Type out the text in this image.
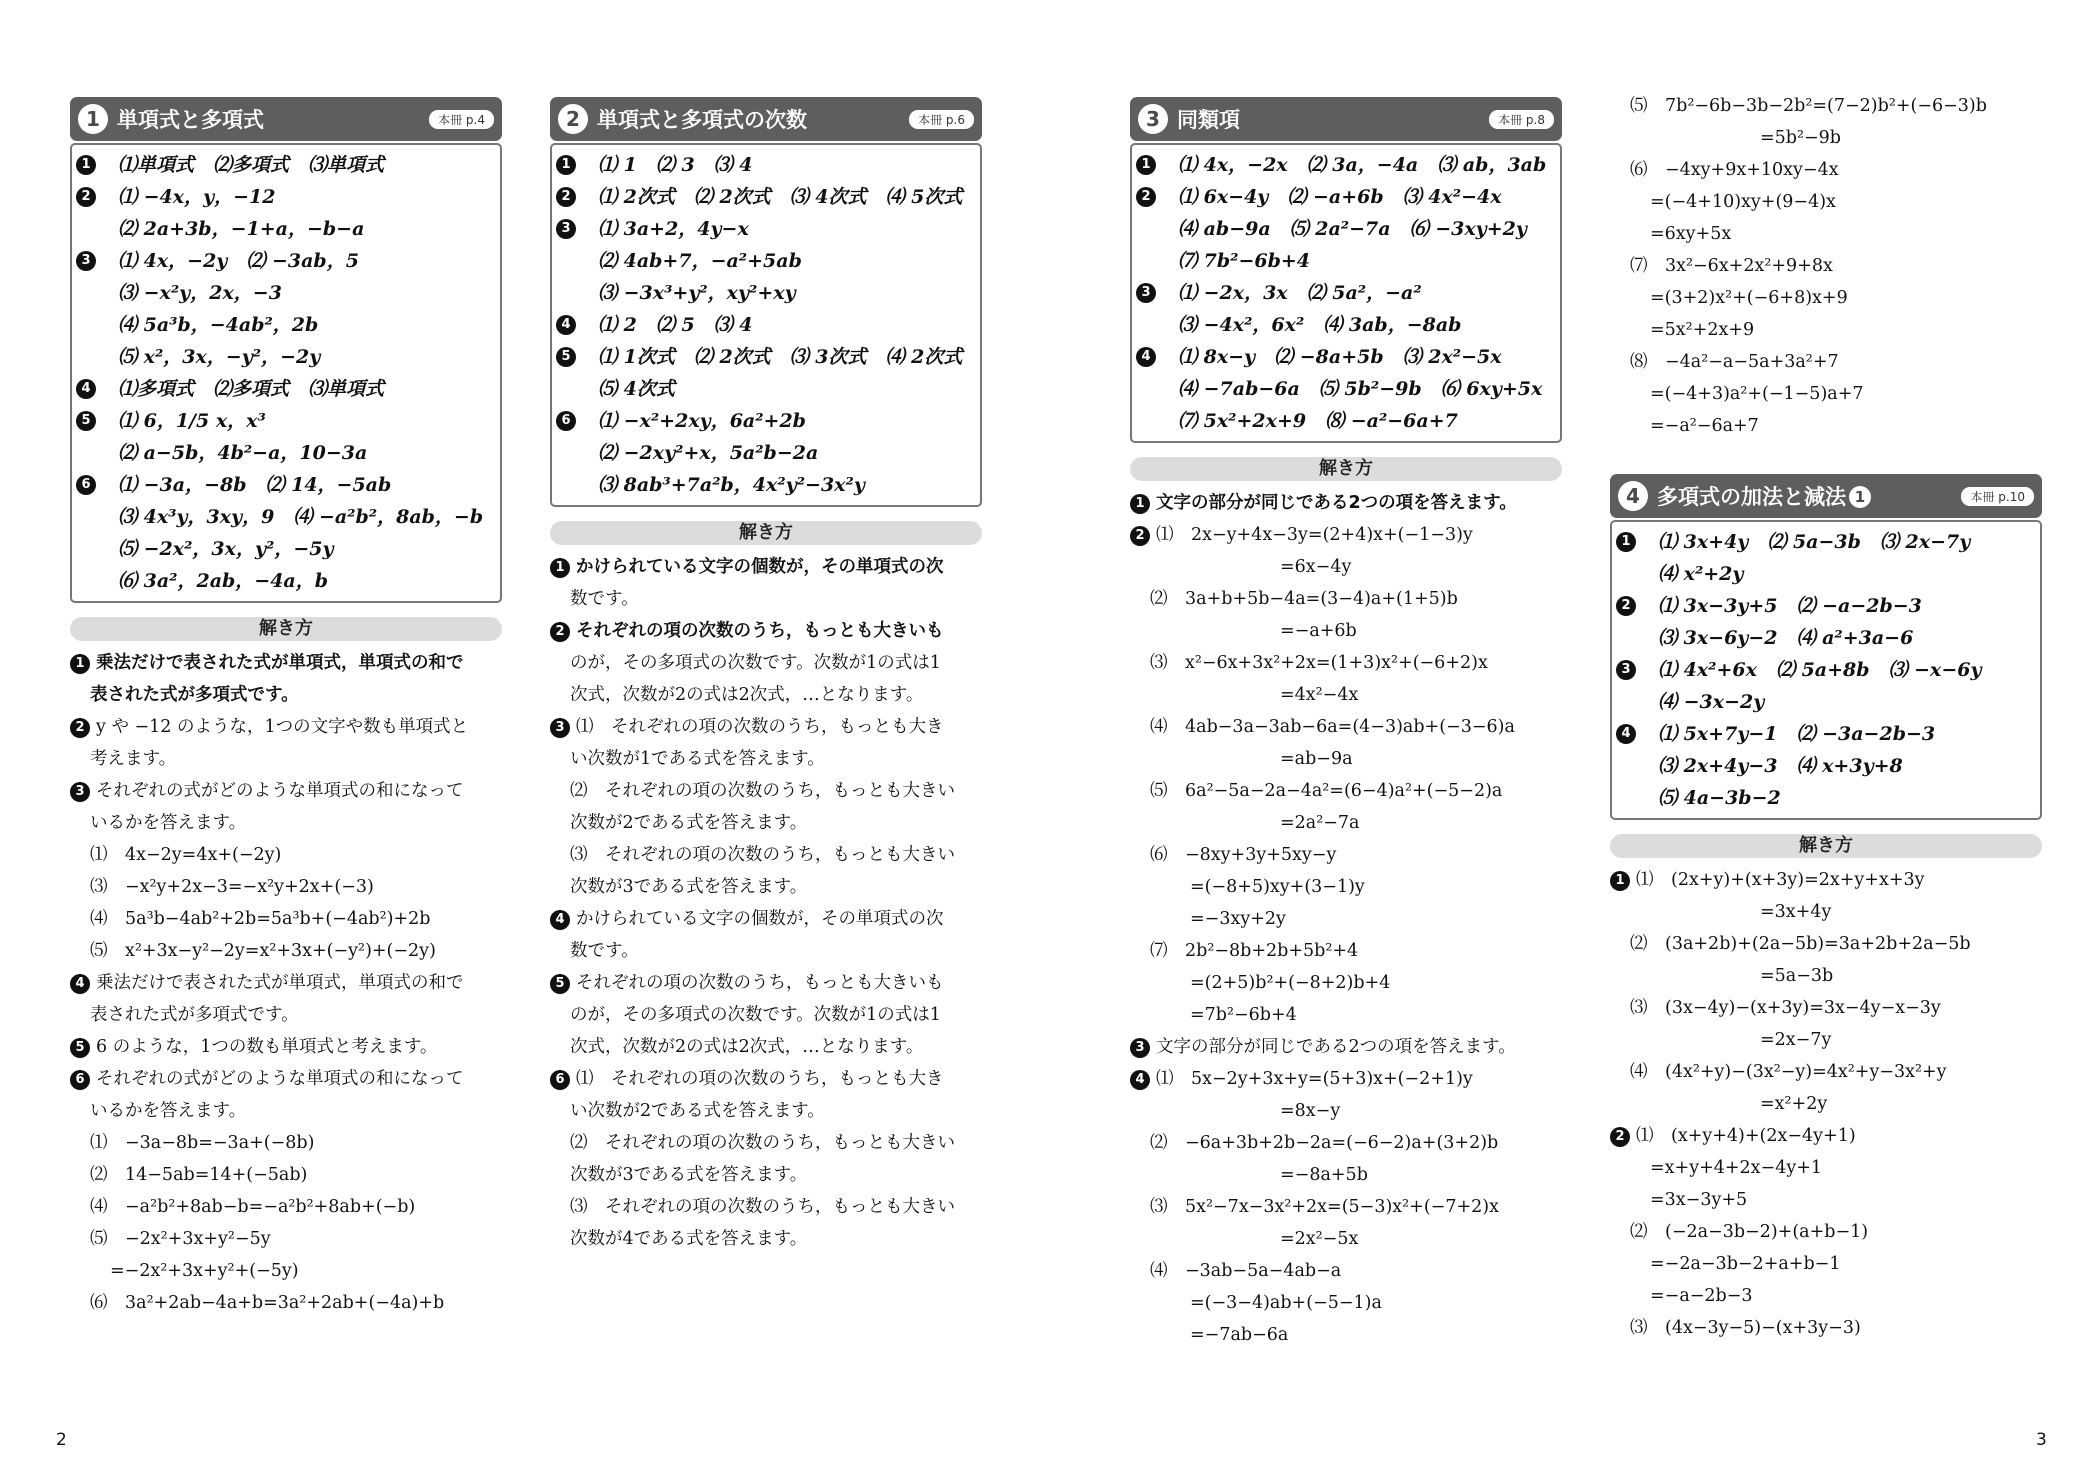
1 単項式と多項式	本冊 p.4
1 ⑴単項式　⑵多項式　⑶単項式
2 ⑴ −4x，y，−12
⑵ 2a+3b，−1+a，−b−a
3 ⑴ 4x，−2y　⑵ −3ab，5
⑶ −x²y，2x，−3
⑷ 5a³b，−4ab²，2b
⑸ x²，3x，−y²，−2y
4 ⑴多項式　⑵多項式　⑶単項式
5 ⑴ 6，1/5 x，x³
⑵ a−5b，4b²−a，10−3a
6 ⑴ −3a，−8b　⑵ 14，−5ab
⑶ 4x³y，3xy，9　⑷ −a²b²，8ab，−b
⑸ −2x²，3x，y²，−5y
⑹ 3a²，2ab，−4a，b
解き方
1 乗法だけで表された式が単項式，単項式の和で
表された式が多項式です。
2 y や −12 のような，1つの文字や数も単項式と
考えます。
3 それぞれの式がどのような単項式の和になって
いるかを答えます。
⑴　4x−2y=4x+(−2y)
⑶　−x²y+2x−3=−x²y+2x+(−3)
⑷　5a³b−4ab²+2b=5a³b+(−4ab²)+2b
⑸　x²+3x−y²−2y=x²+3x+(−y²)+(−2y)
4 乗法だけで表された式が単項式，単項式の和で
表された式が多項式です。
5 6 のような，1つの数も単項式と考えます。
6 それぞれの式がどのような単項式の和になって
いるかを答えます。
⑴　−3a−8b=−3a+(−8b)
⑵　14−5ab=14+(−5ab)
⑷　−a²b²+8ab−b=−a²b²+8ab+(−b)
⑸　−2x²+3x+y²−5y
=−2x²+3x+y²+(−5y)
⑹　3a²+2ab−4a+b=3a²+2ab+(−4a)+b
2 単項式と多項式の次数	本冊 p.6
1 ⑴ 1　⑵ 3　⑶ 4
2 ⑴ 2次式　⑵ 2次式　⑶ 4次式　⑷ 5次式
3 ⑴ 3a+2，4y−x
⑵ 4ab+7，−a²+5ab
⑶ −3x³+y²，xy²+xy
4 ⑴ 2　⑵ 5　⑶ 4
5 ⑴ 1次式　⑵ 2次式　⑶ 3次式　⑷ 2次式
⑸ 4次式
6 ⑴ −x²+2xy，6a²+2b
⑵ −2xy²+x，5a²b−2a
⑶ 8ab³+7a²b，4x²y²−3x²y
解き方
1 かけられている文字の個数が，その単項式の次
数です。
2 それぞれの項の次数のうち，もっとも大きいも
のが，その多項式の次数です。次数が1の式は1
次式，次数が2の式は2次式，…となります。
3 ⑴　それぞれの項の次数のうち，もっとも大き
い次数が1である式を答えます。
⑵　それぞれの項の次数のうち，もっとも大きい
次数が2である式を答えます。
⑶　それぞれの項の次数のうち，もっとも大きい
次数が3である式を答えます。
4 かけられている文字の個数が，その単項式の次
数です。
5 それぞれの項の次数のうち，もっとも大きいも
のが，その多項式の次数です。次数が1の式は1
次式，次数が2の式は2次式，…となります。
6 ⑴　それぞれの項の次数のうち，もっとも大き
い次数が2である式を答えます。
⑵　それぞれの項の次数のうち，もっとも大きい
次数が3である式を答えます。
⑶　それぞれの項の次数のうち，もっとも大きい
次数が4である式を答えます。
3 同類項	本冊 p.8
1 ⑴ 4x，−2x　⑵ 3a，−4a　⑶ ab，3ab
2 ⑴ 6x−4y　⑵ −a+6b　⑶ 4x²−4x
⑷ ab−9a　⑸ 2a²−7a　⑹ −3xy+2y
⑺ 7b²−6b+4
3 ⑴ −2x，3x　⑵ 5a²，−a²
⑶ −4x²，6x²　⑷ 3ab，−8ab
4 ⑴ 8x−y　⑵ −8a+5b　⑶ 2x²−5x
⑷ −7ab−6a　⑸ 5b²−9b　⑹ 6xy+5x
⑺ 5x²+2x+9　⑻ −a²−6a+7
解き方
1 文字の部分が同じである2つの項を答えます。
2 ⑴　2x−y+4x−3y=(2+4)x+(−1−3)y
=6x−4y
⑵　3a+b+5b−4a=(3−4)a+(1+5)b
=−a+6b
⑶　x²−6x+3x²+2x=(1+3)x²+(−6+2)x
=4x²−4x
⑷　4ab−3a−3ab−6a=(4−3)ab+(−3−6)a
=ab−9a
⑸　6a²−5a−2a−4a²=(6−4)a²+(−5−2)a
=2a²−7a
⑹　−8xy+3y+5xy−y
=(−8+5)xy+(3−1)y
=−3xy+2y
⑺　2b²−8b+2b+5b²+4
=(2+5)b²+(−8+2)b+4
=7b²−6b+4
3 文字の部分が同じである2つの項を答えます。
4 ⑴　5x−2y+3x+y=(5+3)x+(−2+1)y
=8x−y
⑵　−6a+3b+2b−2a=(−6−2)a+(3+2)b
=−8a+5b
⑶　5x²−7x−3x²+2x=(5−3)x²+(−7+2)x
=2x²−5x
⑷　−3ab−5a−4ab−a
=(−3−4)ab+(−5−1)a
=−7ab−6a
⑸　7b²−6b−3b−2b²=(7−2)b²+(−6−3)b
=5b²−9b
⑹　−4xy+9x+10xy−4x
=(−4+10)xy+(9−4)x
=6xy+5x
⑺　3x²−6x+2x²+9+8x
=(3+2)x²+(−6+8)x+9
=5x²+2x+9
⑻　−4a²−a−5a+3a²+7
=(−4+3)a²+(−1−5)a+7
=−a²−6a+7
4 多項式の加法と減法 1	本冊 p.10
1 ⑴ 3x+4y　⑵ 5a−3b　⑶ 2x−7y
⑷ x²+2y
2 ⑴ 3x−3y+5　⑵ −a−2b−3
⑶ 3x−6y−2　⑷ a²+3a−6
3 ⑴ 4x²+6x　⑵ 5a+8b　⑶ −x−6y
⑷ −3x−2y
4 ⑴ 5x+7y−1　⑵ −3a−2b−3
⑶ 2x+4y−3　⑷ x+3y+8
⑸ 4a−3b−2
解き方
1 ⑴　(2x+y)+(x+3y)=2x+y+x+3y
=3x+4y
⑵　(3a+2b)+(2a−5b)=3a+2b+2a−5b
=5a−3b
⑶　(3x−4y)−(x+3y)=3x−4y−x−3y
=2x−7y
⑷　(4x²+y)−(3x²−y)=4x²+y−3x²+y
=x²+2y
2 ⑴　(x+y+4)+(2x−4y+1)
=x+y+4+2x−4y+1
=3x−3y+5
⑵　(−2a−3b−2)+(a+b−1)
=−2a−3b−2+a+b−1
=−a−2b−3
⑶　(4x−3y−5)−(x+3y−3)
2	3
